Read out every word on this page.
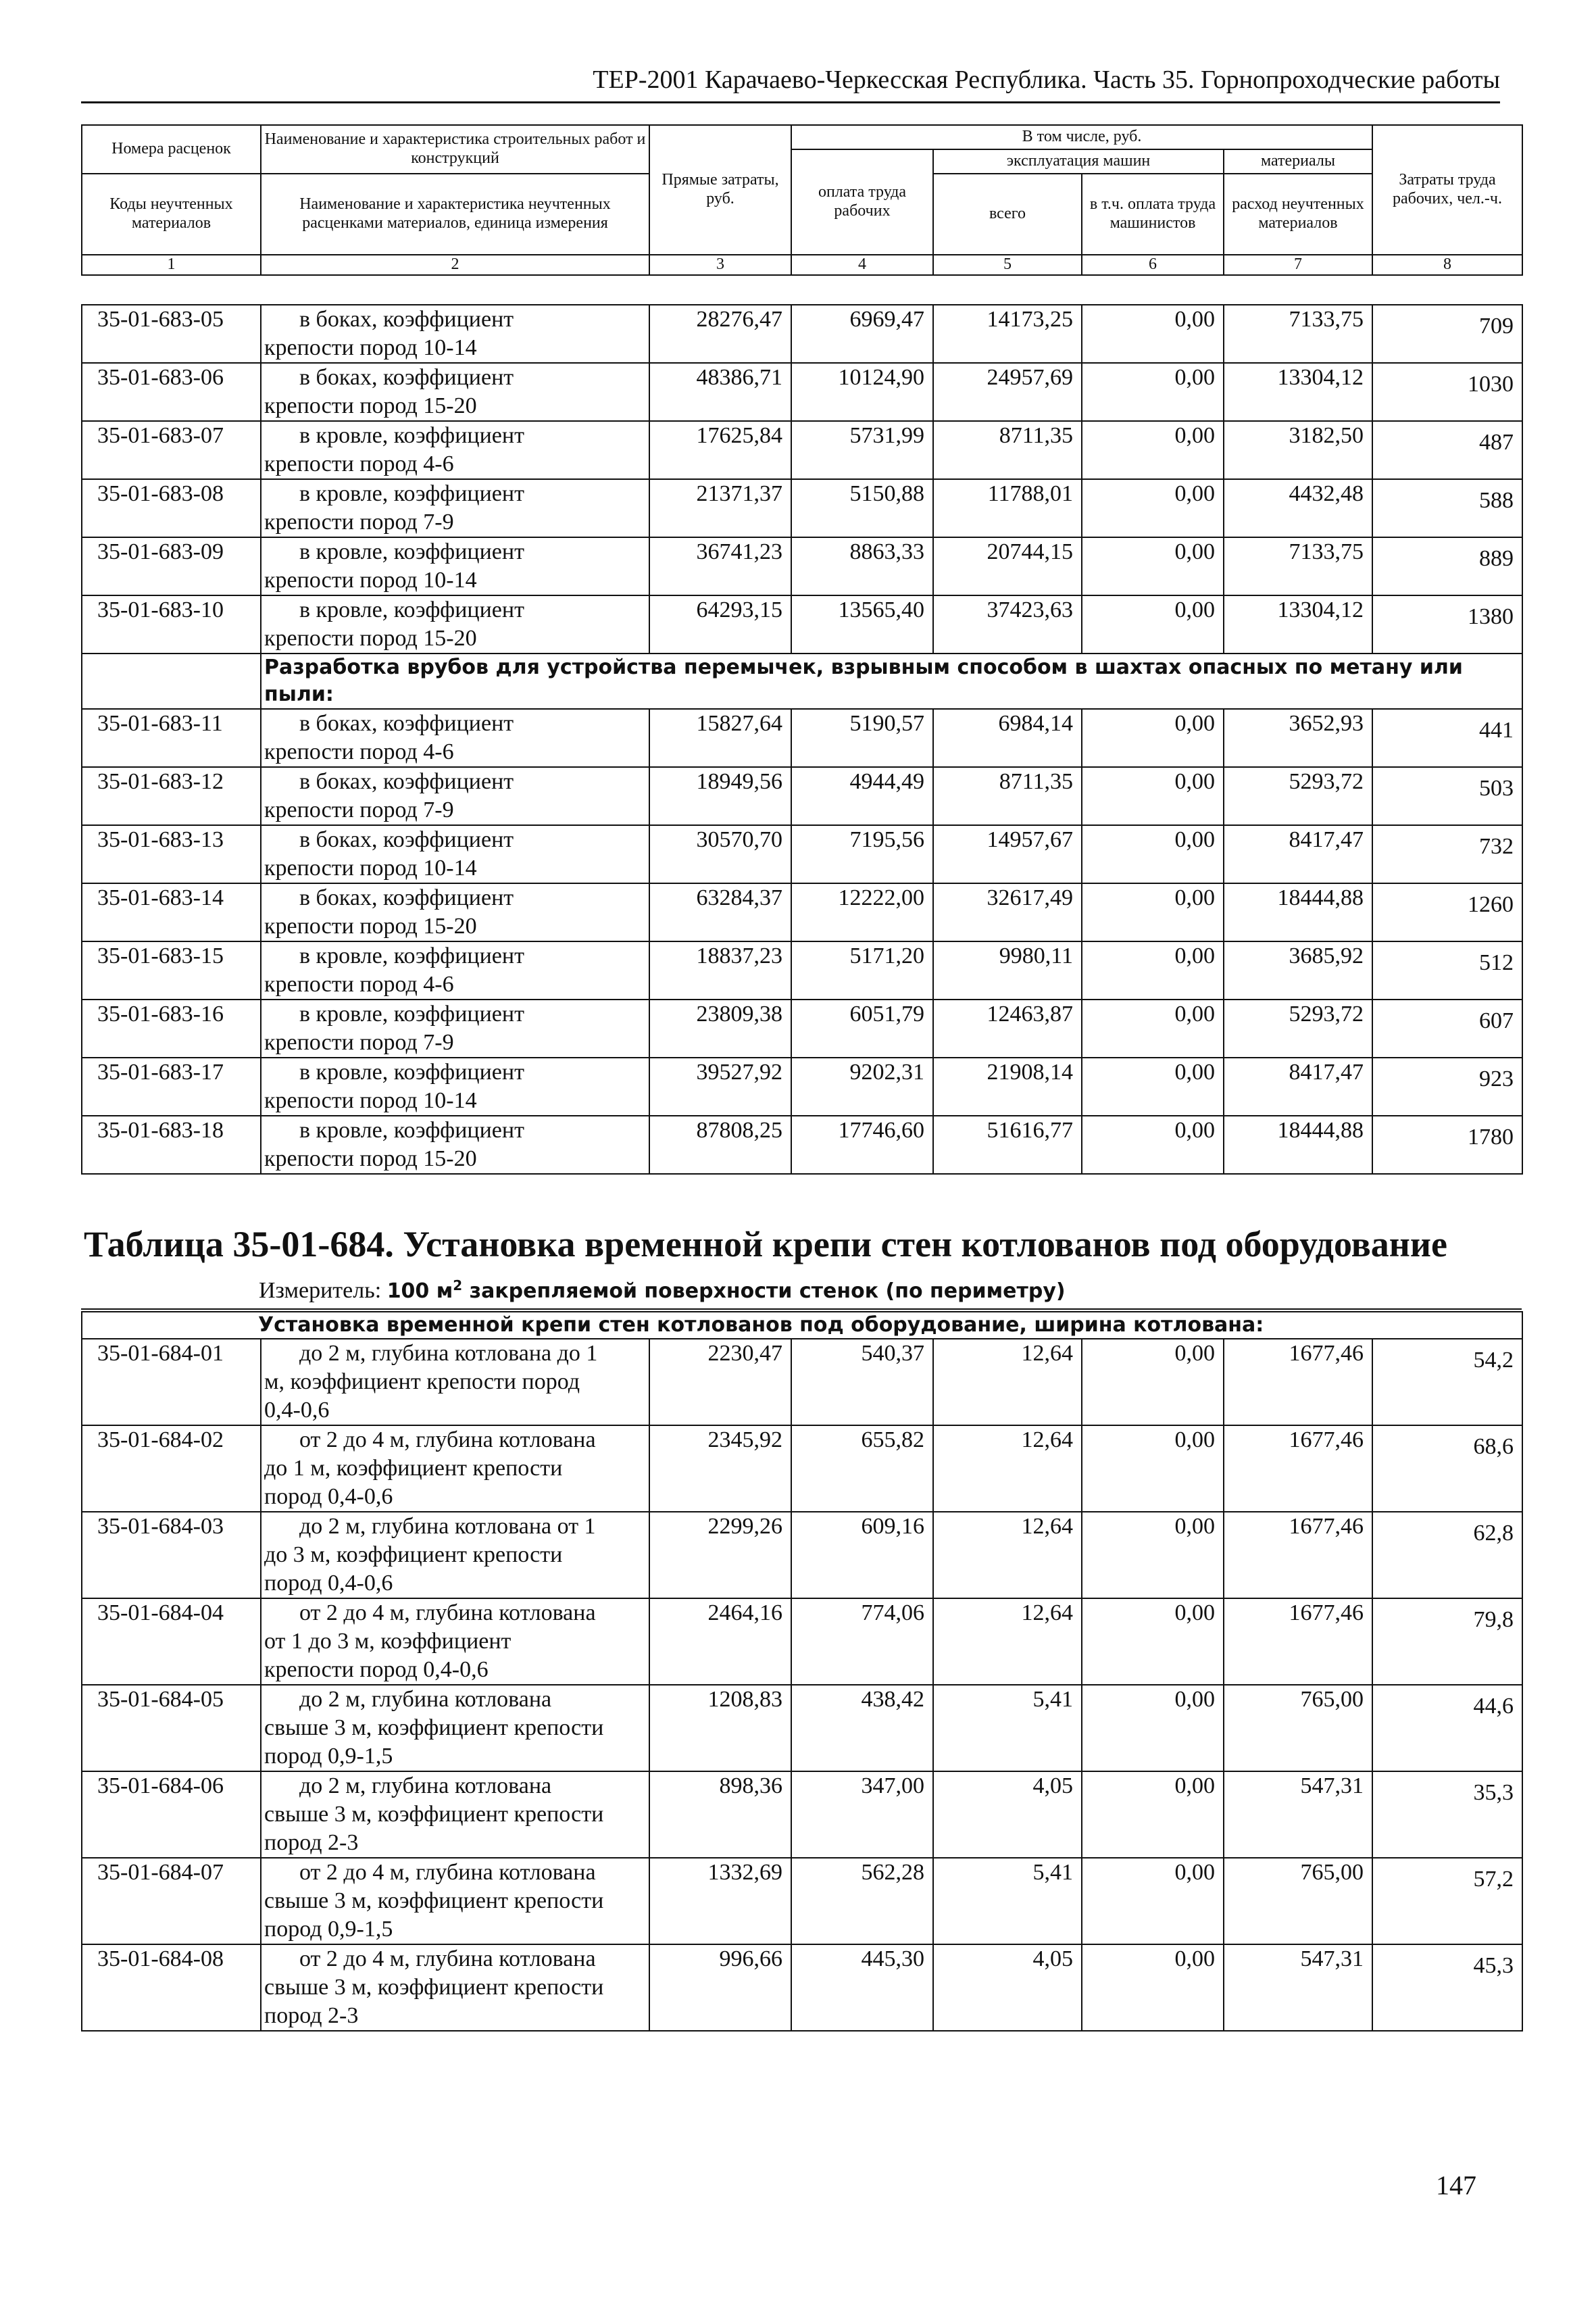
ТЕР-2001 Карачаево-Черкесская Республика. Часть 35. Горнопроходческие работы
Номера расценок	Наименование и характеристика строительных работ и конструкций	Прямые затраты, руб.	В том числе, руб.				Затраты труда рабочих, чел.-ч.
			оплата труда рабочих	эксплуатация машин		материалы	
Коды неучтенных материалов	Наименование и характеристика неучтенных расценками материалов, единица измерения			всего	в т.ч. оплата труда машинистов	расход неучтенных материалов	

1	2	3	4	5	6	7	8
35-01-683-05	в боках, коэффициент
крепости пород 10-14	28276,47	6969,47	14173,25	0,00	7133,75	709
35-01-683-06	в боках, коэффициент
крепости пород 15-20	48386,71	10124,90	24957,69	0,00	13304,12	1030
35-01-683-07	в кровле, коэффициент
крепости пород 4-6	17625,84	5731,99	8711,35	0,00	3182,50	487
35-01-683-08	в кровле, коэффициент
крепости пород 7-9	21371,37	5150,88	11788,01	0,00	4432,48	588
35-01-683-09	в кровле, коэффициент
крепости пород 10-14	36741,23	8863,33	20744,15	0,00	7133,75	889
35-01-683-10	в кровле, коэффициент
крепости пород 15-20	64293,15	13565,40	37423,63	0,00	13304,12	1380
	Разработка врубов для устройства перемычек, взрывным способом в шахтах опасных по метану или пыли:						
35-01-683-11	в боках, коэффициент
крепости пород 4-6	15827,64	5190,57	6984,14	0,00	3652,93	441
35-01-683-12	в боках, коэффициент
крепости пород 7-9	18949,56	4944,49	8711,35	0,00	5293,72	503
35-01-683-13	в боках, коэффициент
крепости пород 10-14	30570,70	7195,56	14957,67	0,00	8417,47	732
35-01-683-14	в боках, коэффициент
крепости пород 15-20	63284,37	12222,00	32617,49	0,00	18444,88	1260
35-01-683-15	в кровле, коэффициент
крепости пород 4-6	18837,23	5171,20	9980,11	0,00	3685,92	512
35-01-683-16	в кровле, коэффициент
крепости пород 7-9	23809,38	6051,79	12463,87	0,00	5293,72	607
35-01-683-17	в кровле, коэффициент
крепости пород 10-14	39527,92	9202,31	21908,14	0,00	8417,47	923
35-01-683-18	в кровле, коэффициент
крепости пород 15-20	87808,25	17746,60	51616,77	0,00	18444,88	1780
Таблица 35-01-684. Установка временной крепи стен котлованов под оборудование
Измеритель: 100 $м^2$ закрепляемой поверхности стенок (по периметру)
Установка временной крепи стен котлованов под оборудование, ширина котлована:							
35-01-684-01	до 2 м, глубина котлована до 1
м, коэффициент крепости пород
0,4-0,6	2230,47	540,37	12,64	0,00	1677,46	54,2
35-01-684-02	от 2 до 4 м, глубина котлована
до 1 м, коэффициент крепости
пород 0,4-0,6	2345,92	655,82	12,64	0,00	1677,46	68,6
35-01-684-03	до 2 м, глубина котлована от 1
до 3 м, коэффициент крепости
пород 0,4-0,6	2299,26	609,16	12,64	0,00	1677,46	62,8
35-01-684-04	от 2 до 4 м, глубина котлована
от 1 до 3 м, коэффициент
крепости пород 0,4-0,6	2464,16	774,06	12,64	0,00	1677,46	79,8
35-01-684-05	до 2 м, глубина котлована
свыше 3 м, коэффициент крепости
пород 0,9-1,5	1208,83	438,42	5,41	0,00	765,00	44,6
35-01-684-06	до 2 м, глубина котлована
свыше 3 м, коэффициент крепости
пород 2-3	898,36	347,00	4,05	0,00	547,31	35,3
35-01-684-07	от 2 до 4 м, глубина котлована
свыше 3 м, коэффициент крепости
пород 0,9-1,5	1332,69	562,28	5,41	0,00	765,00	57,2
35-01-684-08	от 2 до 4 м, глубина котлована
свыше 3 м, коэффициент крепости
пород 2-3	996,66	445,30	4,05	0,00	547,31	45,3
147
